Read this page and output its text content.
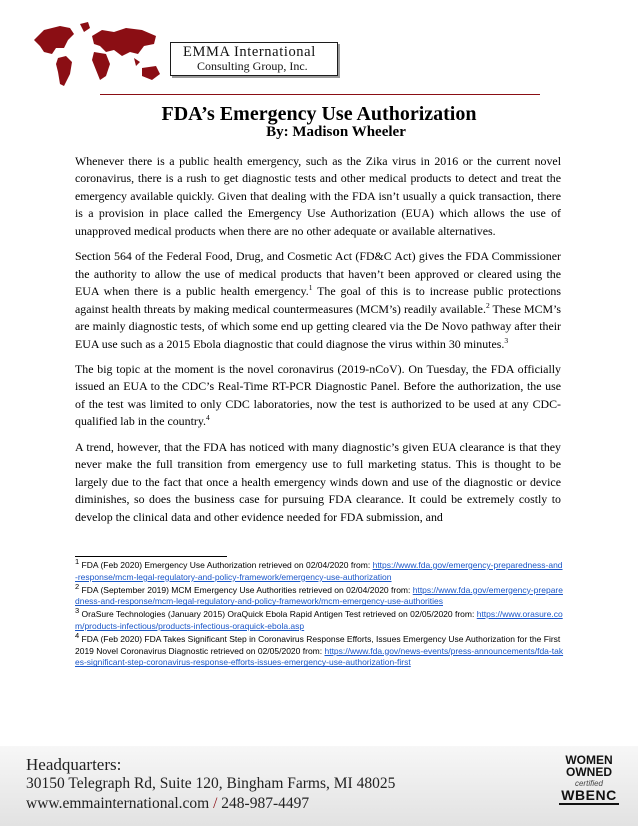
EMMA International
Consulting Group, Inc.
FDA’s Emergency Use Authorization
By: Madison Wheeler

Whenever there is a public health emergency, such as the Zika virus in 2016 or the current novel coronavirus, there is a rush to get diagnostic tests and other medical products to detect and treat the emergency available quickly. Given that dealing with the FDA isn’t usually a quick transaction, there is a provision in place called the Emergency Use Authorization (EUA) which allows the use of unapproved medical products when there are no other adequate or available alternatives.

Section 564 of the Federal Food, Drug, and Cosmetic Act (FD&C Act) gives the FDA Commissioner the authority to allow the use of medical products that haven’t been approved or cleared using the EUA when there is a public health emergency.$^1$ The goal of this is to increase public protections against health threats by making medical countermeasures (MCM’s) readily available.$^2$ These MCM’s are mainly diagnostic tests, of which some end up getting cleared via the De Novo pathway after their EUA use such as a 2015 Ebola diagnostic that could diagnose the virus within 30 minutes.$^3$

The big topic at the moment is the novel coronavirus (2019-nCoV). On Tuesday, the FDA officially issued an EUA to the CDC’s Real-Time RT-PCR Diagnostic Panel. Before the authorization, the use of the test was limited to only CDC laboratories, now the test is authorized to be used at any CDC-qualified lab in the country.$^4$

A trend, however, that the FDA has noticed with many diagnostic’s given EUA clearance is that they never make the full transition from emergency use to full marketing status. This is thought to be largely due to the fact that once a health emergency winds down and use of the diagnostic or device diminishes, so does the business case for pursuing FDA clearance. It could be extremely costly to develop the clinical data and other evidence needed for FDA submission, and

$^1$ FDA (Feb 2020) Emergency Use Authorization retrieved on 02/04/2020 from: https://www.fda.gov/emergency-preparedness-and-response/mcm-legal-regulatory-and-policy-framework/emergency-use-authorization
$^2$ FDA (September 2019) MCM Emergency Use Authorities retrieved on 02/04/2020 from: https://www.fda.gov/emergency-preparedness-and-response/mcm-legal-regulatory-and-policy-framework/mcm-emergency-use-authorities
$^3$ OraSure Technologies (January 2015) OraQuick Ebola Rapid Antigen Test retrieved on 02/05/2020 from: https://www.orasure.com/products-infectious/products-infectious-oraquick-ebola.asp
$^4$ FDA (Feb 2020) FDA Takes Significant Step in Coronavirus Response Efforts, Issues Emergency Use Authorization for the First 2019 Novel Coronavirus Diagnostic retrieved on 02/05/2020 from: https://www.fda.gov/news-events/press-announcements/fda-takes-significant-step-coronavirus-response-efforts-issues-emergency-use-authorization-first
Headquarters:
30150 Telegraph Rd, Suite 120, Bingham Farms, MI 48025
www.emmainternational.com / 248-987-4497
WOMEN
OWNED
certified
WBENC
